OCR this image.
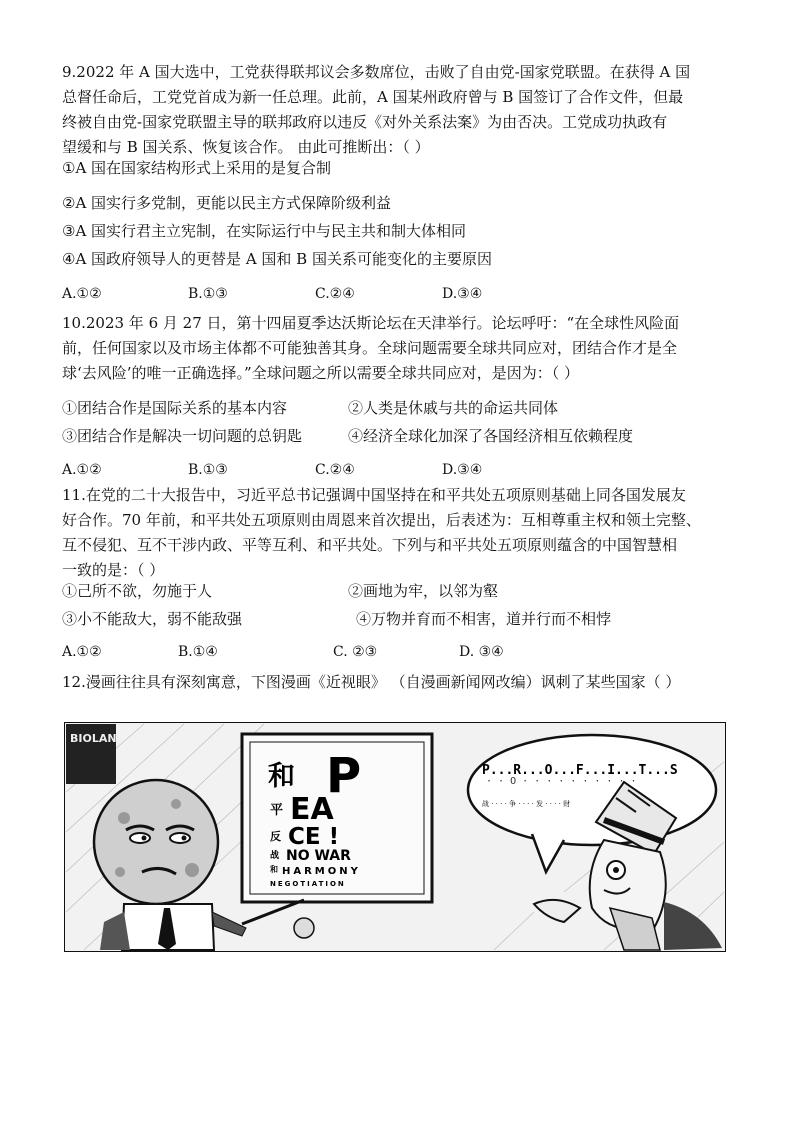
9.2022 年 A 国大选中，工党获得联邦议会多数席位，击败了自由党-国家党联盟。在获得 A 国
总督任命后，工党党首成为新一任总理。此前，A 国某州政府曾与 B 国签订了合作文件，但最
终被自由党-国家党联盟主导的联邦政府以违反《对外关系法案》为由否决。工党成功执政有
望缓和与 B 国关系、恢复该合作。 由此可推断出：（ ）
①A 国在国家结构形式上采用的是复合制
②A 国实行多党制，更能以民主方式保障阶级利益
③A 国实行君主立宪制，在实际运行中与民主共和制大体相同
④A 国政府领导人的更替是 A 国和 B 国关系可能变化的主要原因
A.①②	B.①③	C.②④	D.③④
10.2023 年 6 月 27 日，第十四届夏季达沃斯论坛在天津举行。论坛呼吁：“在全球性风险面
前，任何国家以及市场主体都不可能独善其身。全球问题需要全球共同应对，团结合作才是全
球‘去风险’的唯一正确选择。”全球问题之所以需要全球共同应对，是因为：（ ）
①团结合作是国际关系的基本内容	②人类是休戚与共的命运共同体
③团结合作是解决一切问题的总钥匙	④经济全球化加深了各国经济相互依赖程度
A.①②	B.①③	C.②④	D.③④
11.在党的二十大报告中，习近平总书记强调中国坚持在和平共处五项原则基础上同各国发展友
好合作。70 年前，和平共处五项原则由周恩来首次提出，后表述为：互相尊重主权和领土完整、
互不侵犯、互不干涉内政、平等互利、和平共处。下列与和平共处五项原则蕴含的中国智慧相
一致的是：（ ）
①己所不欲，勿施于人	②画地为牢，以邻为壑
③小不能敌大，弱不能敌强	④万物并育而不相害，道并行而不相悖
A.①②	B.①④	C. ②③	D. ③④
12.漫画往往具有深刻寓意，下图漫画《近视眼》 （自漫画新闻网改编）讽刺了某些国家（ ）
BIOLAN
和 P
平 EA
反 CE !
战 NO WAR
和 HARMONY
NEGOTIATION
P...R...O...F...I...T...S
· · O · · · · · · · · · ·
战 · · · · 争 · · · · 发 · · · · 财
